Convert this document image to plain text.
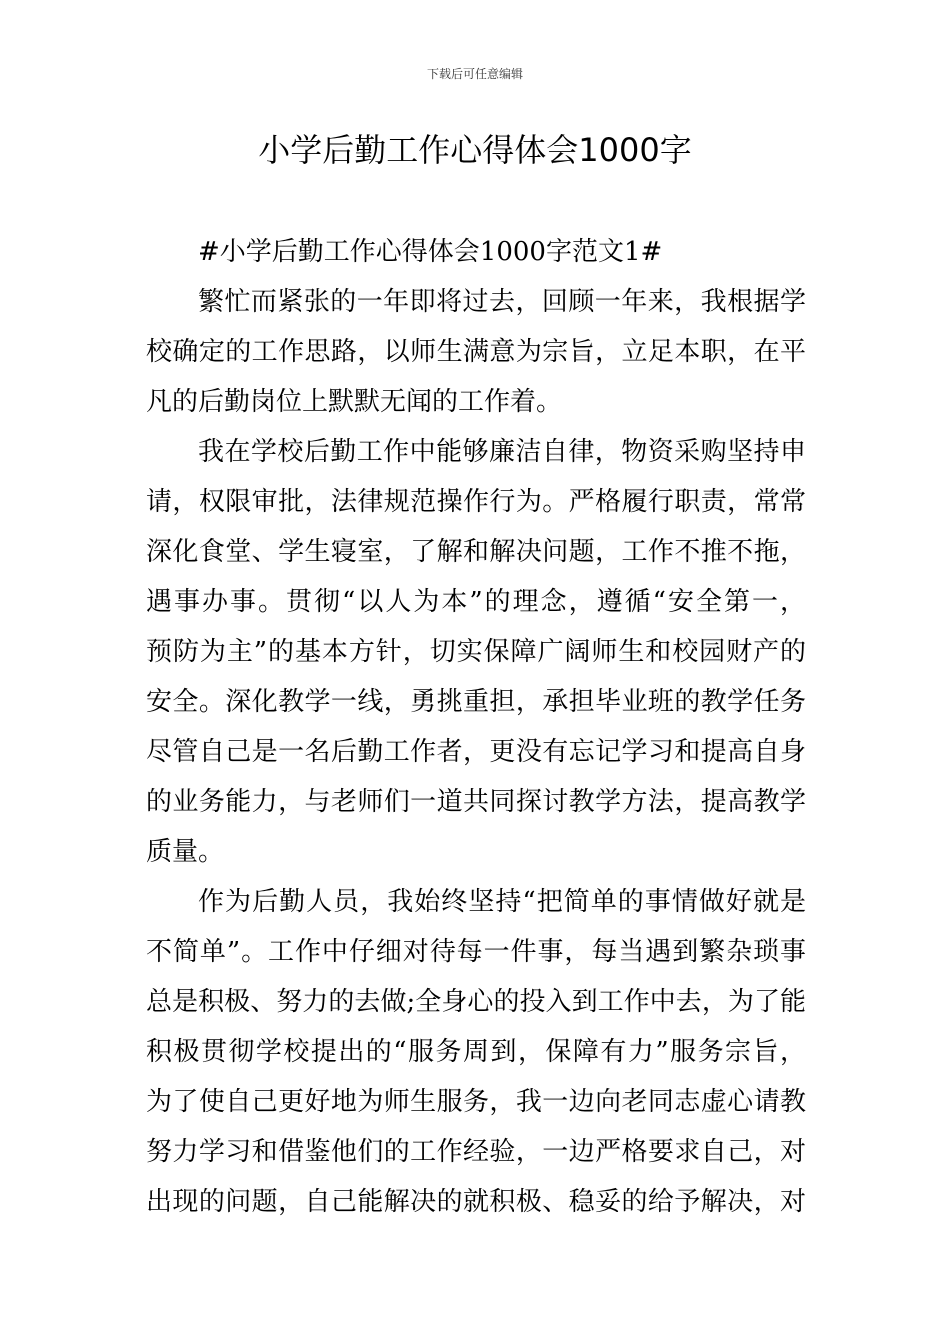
下载后可任意编辑
小学后勤工作心得体会1000字
#小学后勤工作心得体会1000字范文1#
繁忙而紧张的一年即将过去，回顾一年来，我根据学
校确定的工作思路，以师生满意为宗旨，立足本职，在平
凡的后勤岗位上默默无闻的工作着。
我在学校后勤工作中能够廉洁自律，物资采购坚持申
请，权限审批，法律规范操作行为。严格履行职责，常常
深化食堂、学生寝室，了解和解决问题，工作不推不拖，
遇事办事。贯彻“以人为本”的理念，遵循“安全第一，
预防为主”的基本方针，切实保障广阔师生和校园财产的
安全。深化教学一线，勇挑重担，承担毕业班的教学任务
尽管自己是一名后勤工作者，更没有忘记学习和提高自身
的业务能力，与老师们一道共同探讨教学方法，提高教学
质量。
作为后勤人员，我始终坚持“把简单的事情做好就是
不简单”。工作中仔细对待每一件事，每当遇到繁杂琐事
总是积极、努力的去做;全身心的投入到工作中去，为了能
积极贯彻学校提出的“服务周到，保障有力”服务宗旨，
为了使自己更好地为师生服务，我一边向老同志虚心请教
努力学习和借鉴他们的工作经验，一边严格要求自己，对
出现的问题，自己能解决的就积极、稳妥的给予解决，对
